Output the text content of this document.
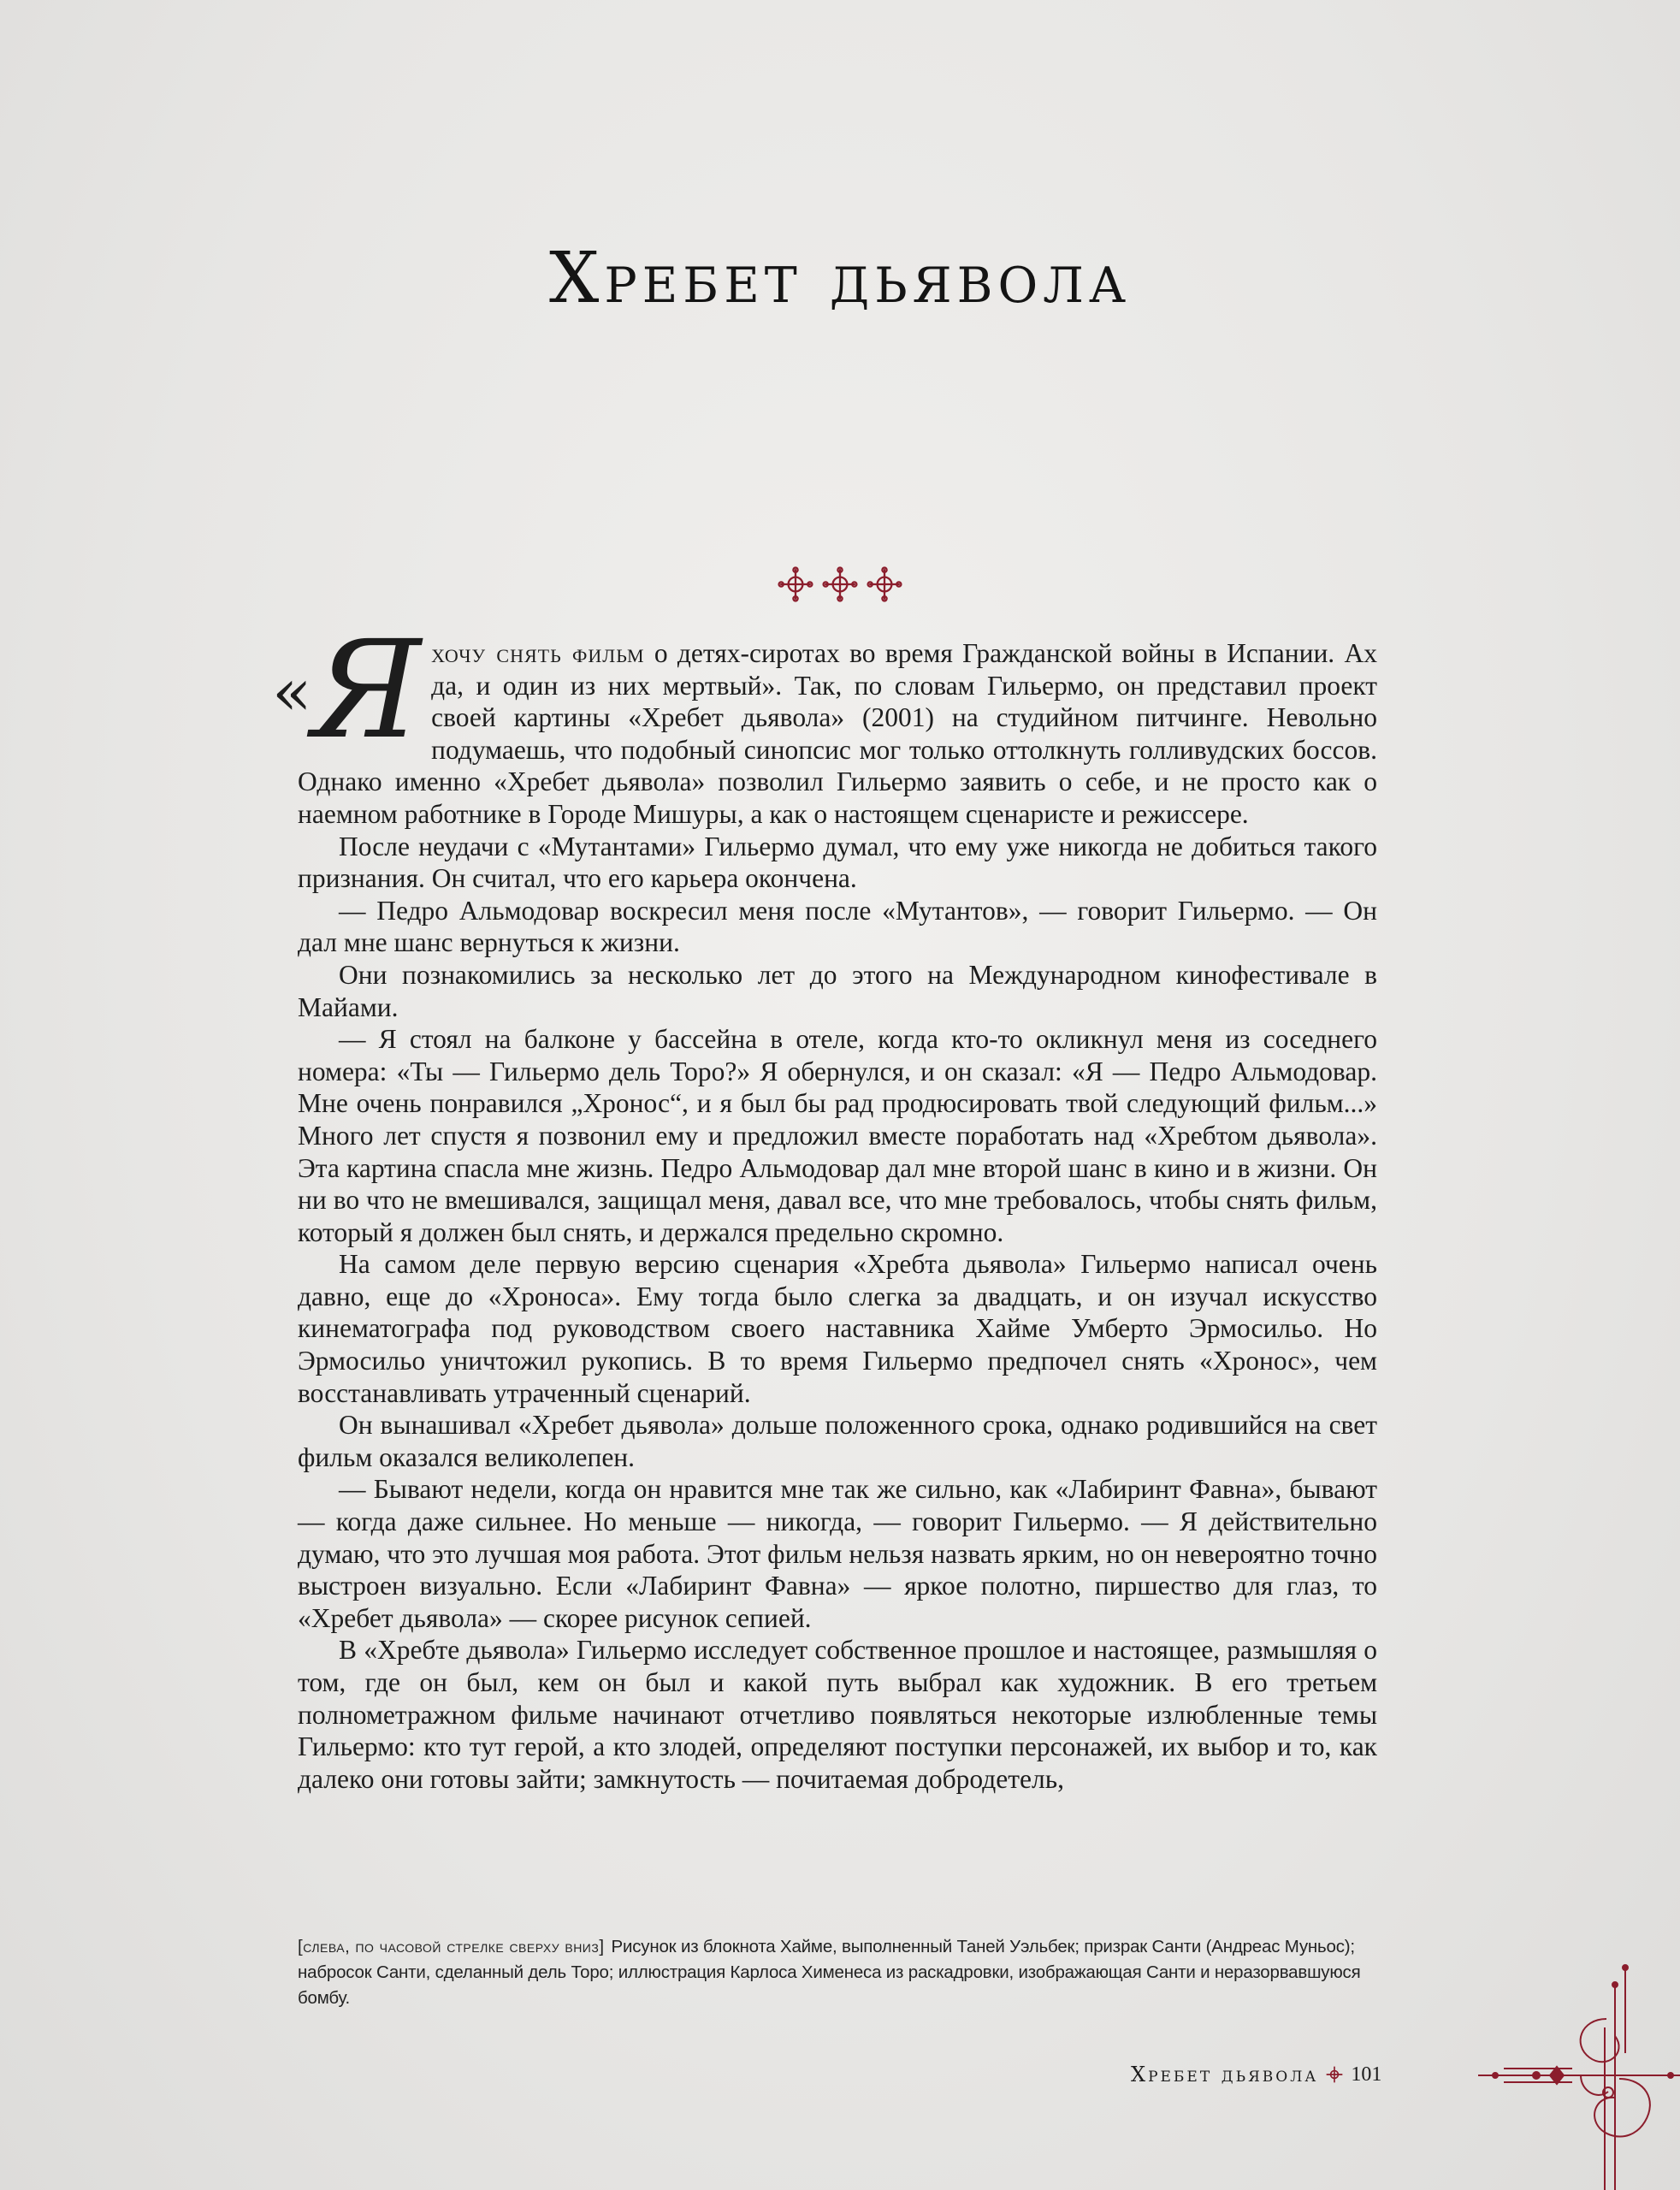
Хребет дьявола

« Я хочу снять фильм о детях-сиротах во время Гражданской войны в Испании. Ах да, и один из них мертвый». Так, по словам Гильермо, он представил проект своей картины «Хребет дьявола» (2001) на студийном питчинге. Невольно подумаешь, что подобный синопсис мог только оттолкнуть голливудских боссов. Однако именно «Хребет дьявола» позволил Гильермо заявить о себе, и не просто как о наемном работнике в Городе Мишуры, а как о настоящем сценаристе и режиссере.

После неудачи с «Мутантами» Гильермо думал, что ему уже никогда не добиться такого признания. Он считал, что его карьера окончена.

— Педро Альмодовар воскресил меня после «Мутантов», — говорит Гильермо. — Он дал мне шанс вернуться к жизни.

Они познакомились за несколько лет до этого на Международном кинофестивале в Майами.

— Я стоял на балконе у бассейна в отеле, когда кто-то окликнул меня из соседнего номера: «Ты — Гильермо дель Торо?» Я обернулся, и он сказал: «Я — Педро Альмодовар. Мне очень понравился „Хронос“, и я был бы рад продюсировать твой следующий фильм...» Много лет спустя я позвонил ему и предложил вместе поработать над «Хребтом дьявола». Эта картина спасла мне жизнь. Педро Альмодовар дал мне второй шанс в кино и в жизни. Он ни во что не вмешивался, защищал меня, давал все, что мне требовалось, чтобы снять фильм, который я должен был снять, и держался предельно скромно.

На самом деле первую версию сценария «Хребта дьявола» Гильермо написал очень давно, еще до «Хроноса». Ему тогда было слегка за двадцать, и он изучал искусство кинематографа под руководством своего наставника Хайме Умберто Эрмосильо. Но Эрмосильо уничтожил рукопись. В то время Гильермо предпочел снять «Хронос», чем восстанавливать утраченный сценарий.

Он вынашивал «Хребет дьявола» дольше положенного срока, однако родившийся на свет фильм оказался великолепен.

— Бывают недели, когда он нравится мне так же сильно, как «Лабиринт Фавна», бывают — когда даже сильнее. Но меньше — никогда, — говорит Гильермо. — Я действительно думаю, что это лучшая моя работа. Этот фильм нельзя назвать ярким, но он невероятно точно выстроен визуально. Если «Лабиринт Фавна» — яркое полотно, пиршество для глаз, то «Хребет дьявола» — скорее рисунок сепией.

В «Хребте дьявола» Гильермо исследует собственное прошлое и настоящее, размышляя о том, где он был, кем он был и какой путь выбрал как художник. В его третьем полнометражном фильме начинают отчетливо появляться некоторые излюбленные темы Гильермо: кто тут герой, а кто злодей, определяют поступки персонажей, их выбор и то, как далеко они готовы зайти; замкнутость — почитаемая добродетель,

[слева, по часовой стрелке сверху вниз] Рисунок из блокнота Хайме, выполненный Таней Уэльбек; призрак Санти (Андреас Муньос); набросок Санти, сделанный дель Торо; иллюстрация Карлоса Хименеса из раскадровки, изображающая Санти и неразорвавшуюся бомбу.
Хребет дьявола 101
